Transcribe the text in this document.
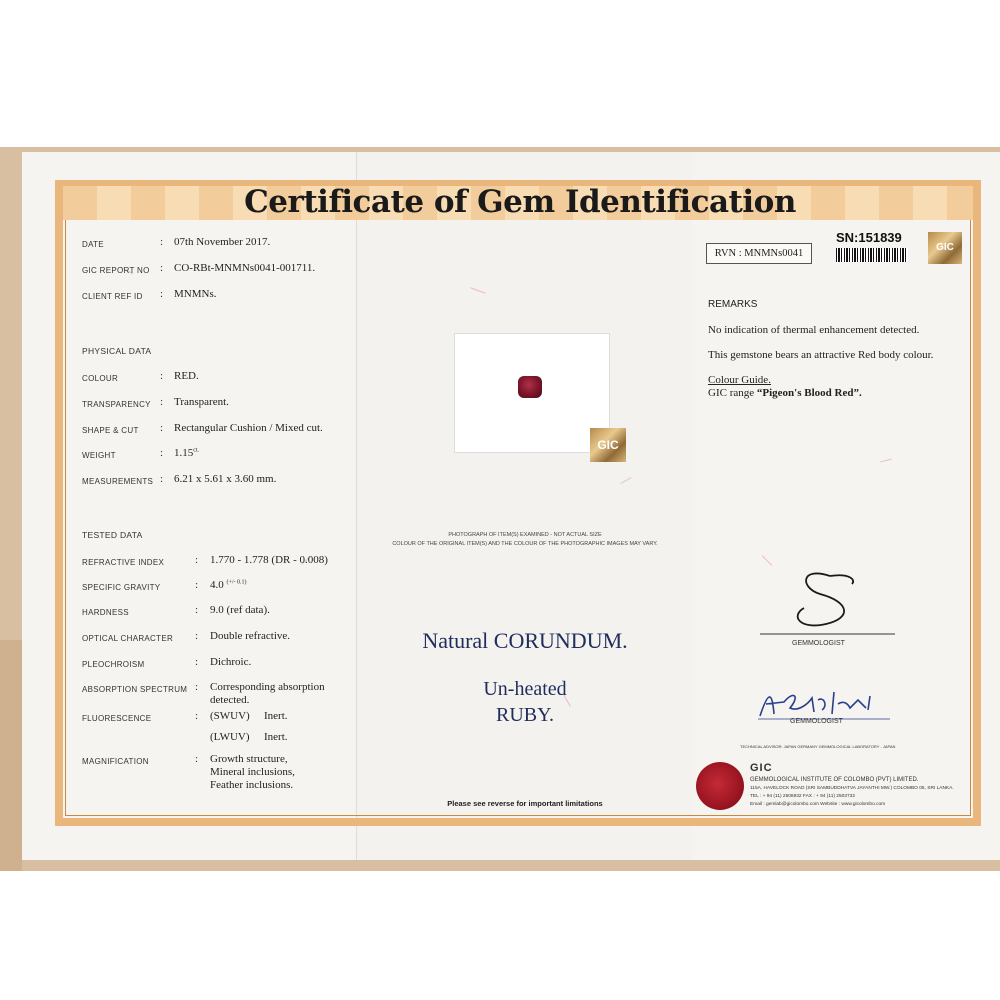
Certificate of Gem Identification
DATE	: 07th November 2017.
GIC REPORT NO : CO-RBt-MNMNs0041-001711.
CLIENT REF ID : MNMNs.
PHYSICAL DATA
COLOUR	: RED.
TRANSPARENCY : Transparent.
SHAPE & CUT : Rectangular Cushion / Mixed cut.
WEIGHT	: $1.15^{ct.}$
MEASUREMENTS : 6.21 x 5.61 x 3.60 mm.
TESTED DATA
REFRACTIVE INDEX	: 1.770 - 1.778 (DR - 0.008)
SPECIFIC GRAVITY	: 4.0 $^{(+/- 0.1)}$
HARDNESS	: 9.0 (ref data).
OPTICAL CHARACTER : Double refractive.
PLEOCHROISM	: Dichroic.
ABSORPTION SPECTRUM : Corresponding absorption
detected.
FLUORESCENCE	: (SWUV) Inert.
(LWUV) Inert.
MAGNIFICATION	: Growth structure,
Mineral inclusions,
Feather inclusions.
GIC
PHOTOGRAPH OF ITEM(S) EXAMINED - NOT ACTUAL SIZE
COLOUR OF THE ORIGINAL ITEM(S) AND THE COLOUR OF THE PHOTOGRAPHIC IMAGES MAY VARY.
Natural CORUNDUM.
Un-heated
RUBY.
Please see reverse for important limitations
RVN : MNMNs0041
SN:151839
GIC
REMARKS
No indication of thermal enhancement detected.
This gemstone bears an attractive Red body colour.
Colour Guide.
GIC range “Pigeon's Blood Red”.
GEMMOLOGIST
GEMMOLOGIST
TECHNICAL ADVISOR: JAPAN GERMANY GEMMOLOGICAL LABORATORY - JAPAN
GIC
GEMMOLOGICAL INSTITUTE OF COLOMBO (PVT) LIMITED.
115A, HAVELOCK ROAD (SRI SAMBUDDHATVA JAYANTHI MW.) COLOMBO 05, SRI LANKA.
TEL : + 94 (11) 2506932 FAX : + 94 (11) 2503732
Email : gemlab@gicolombo.com Website : www.gicolombo.com
